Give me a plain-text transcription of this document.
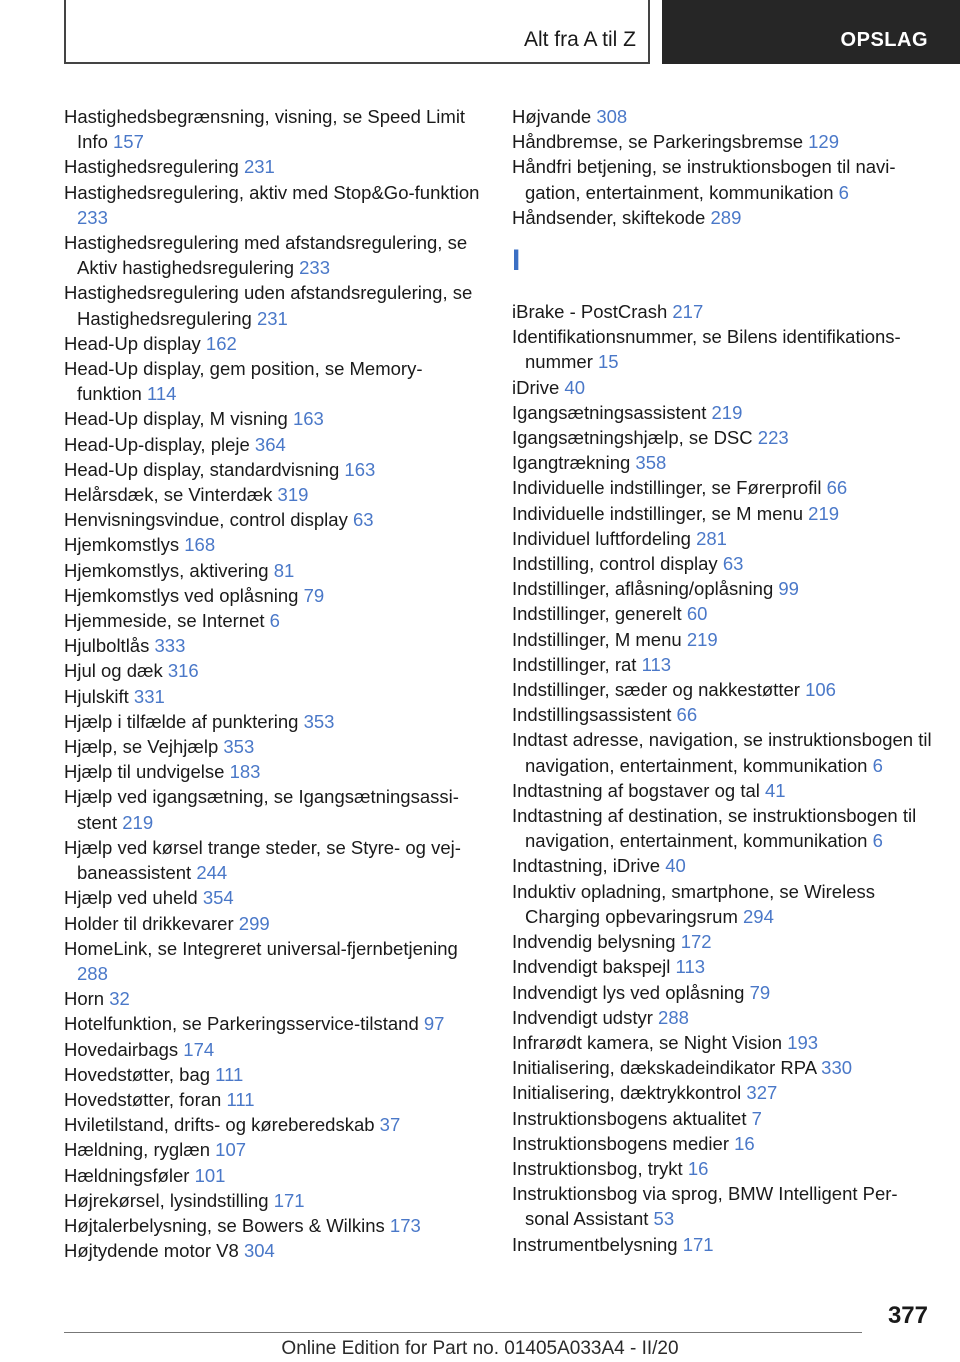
Alt fra A til Z	OPSLAG

Hastighedsbegrænsning, visning, se Speed Limit Info 157

Hastighedsregulering 231

Hastighedsregulering, aktiv med Stop&Go-funktion 233

Hastighedsregulering med afstandsregulering, se Aktiv hastighedsregulering 233

Hastighedsregulering uden afstandsregulering, se Hastighedsregulering 231

Head-Up display 162

Head-Up display, gem position, se Memory-funktion 114

Head-Up display, M visning 163

Head-Up-display, pleje 364

Head-Up display, standardvisning 163

Helårsdæk, se Vinterdæk 319

Henvisningsvindue, control display 63

Hjemkomstlys 168

Hjemkomstlys, aktivering 81

Hjemkomstlys ved oplåsning 79

Hjemmeside, se Internet 6

Hjulboltlås 333

Hjul og dæk 316

Hjulskift 331

Hjælp i tilfælde af punktering 353

Hjælp, se Vejhjælp 353

Hjælp til undvigelse 183

Hjælp ved igangsætning, se Igangsætningsassistent 219

Hjælp ved kørsel trange steder, se Styre- og vejbaneassistent 244

Hjælp ved uheld 354

Holder til drikkevarer 299

HomeLink, se Integreret universal-fjernbetjening 288

Horn 32

Hotelfunktion, se Parkeringsservice-tilstand 97

Hovedairbags 174

Hovedstøtter, bag 111

Hovedstøtter, foran 111

Hviletilstand, drifts- og køreberedskab 37

Hældning, ryglæn 107

Hældningsføler 101

Højrekørsel, lysindstilling 171

Højtalerbelysning, se Bowers & Wilkins 173

Højtydende motor V8 304

Højvande 308

Håndbremse, se Parkeringsbremse 129

Håndfri betjening, se instruktionsbogen til navigation, entertainment, kommunikation 6

Håndsender, skiftekode 289

I

iBrake - PostCrash 217

Identifikationsnummer, se Bilens identifikationsnummer 15

iDrive 40

Igangsætningsassistent 219

Igangsætningshjælp, se DSC 223

Igangtrækning 358

Individuelle indstillinger, se Førerprofil 66

Individuelle indstillinger, se M menu 219

Individuel luftfordeling 281

Indstilling, control display 63

Indstillinger, aflåsning/oplåsning 99

Indstillinger, generelt 60

Indstillinger, M menu 219

Indstillinger, rat 113

Indstillinger, sæder og nakkestøtter 106

Indstillingsassistent 66

Indtast adresse, navigation, se instruktionsbogen til navigation, entertainment, kommunikation 6

Indtastning af bogstaver og tal 41

Indtastning af destination, se instruktionsbogen til navigation, entertainment, kommunikation 6

Indtastning, iDrive 40

Induktiv opladning, smartphone, se Wireless Charging opbevaringsrum 294

Indvendig belysning 172

Indvendigt bakspejl 113

Indvendigt lys ved oplåsning 79

Indvendigt udstyr 288

Infrarødt kamera, se Night Vision 193

Initialisering, dækskadeindikator RPA 330

Initialisering, dæktrykkontrol 327

Instruktionsbogens aktualitet 7

Instruktionsbogens medier 16

Instruktionsbog, trykt 16

Instruktionsbog via sprog, BMW Intelligent Personal Assistant 53

Instrumentbelysning 171

377
Online Edition for Part no. 01405A033A4 - II/20
